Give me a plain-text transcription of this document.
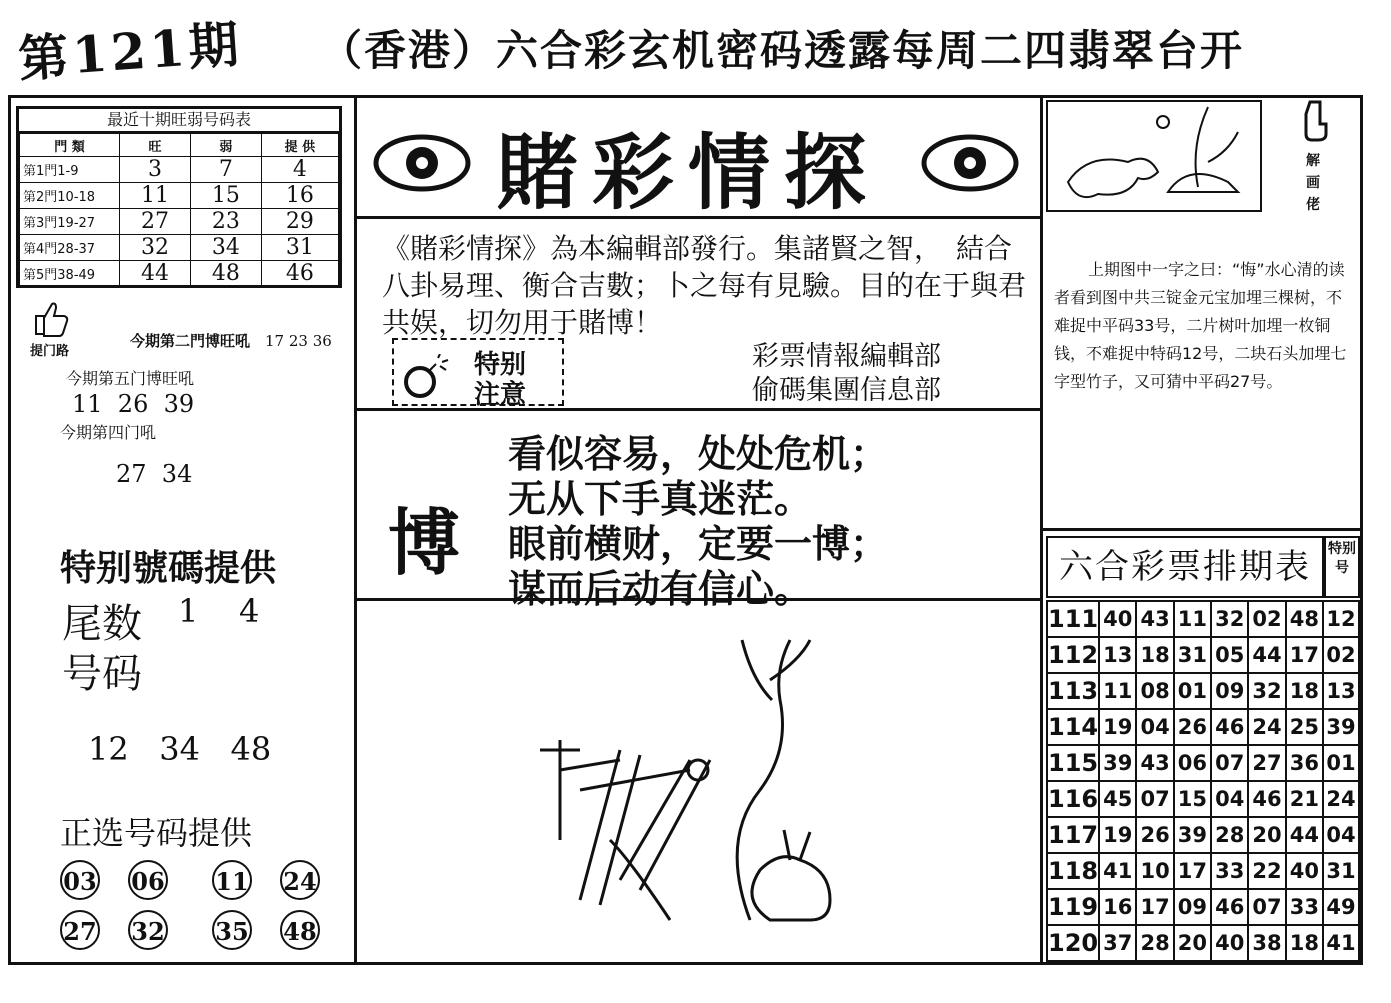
第121期 （香港）六合彩玄机密码透露每周二四翡翠台开
最近十期旺弱号码表
門 類	旺	弱	提 供
第1門1-9	3	7	4
第2門10-18	11	15	16
第3門19-27	27	23	29
第4門28-37	32	34	31
第5門38-49	44	48	46
提门路
今期第二門博旺吼 17 23 36
今期第五门博旺吼
11  26  39
今期第四门吼
27  34
特别號碼提供
尾数 1    4
号码
12   34   48
正选号码提供
03 06 11 24
27 32 35 48
賭彩情探
《賭彩情探》為本編輯部發行。集諸賢之智，　結合八卦易理、衡合吉數；卜之每有見驗。目的在于與君共娱，切勿用于賭博！
特别
注意
彩票情報編輯部
偷碼集團信息部
博
看似容易，处处危机；
无从下手真迷茫。
眼前横财，定要一博；
谋而后动有信心。
解 画 佬
上期图中一字之曰：“悔”水心清的读者看到图中共三锭金元宝加埋三棵树，不难捉中平码33号，二片树叶加埋一枚铜钱，不难捉中特码12号，二块石头加埋七字型竹子，又可猜中平码27号。
六合彩票排期表	特别号
111	40	43	11	32	02	48	12
112	13	18	31	05	44	17	02
113	11	08	01	09	32	18	13
114	19	04	26	46	24	25	39
115	39	43	06	07	27	36	01
116	45	07	15	04	46	21	24
117	19	26	39	28	20	44	04
118	41	10	17	33	22	40	31
119	16	17	09	46	07	33	49
120	37	28	20	40	38	18	41
